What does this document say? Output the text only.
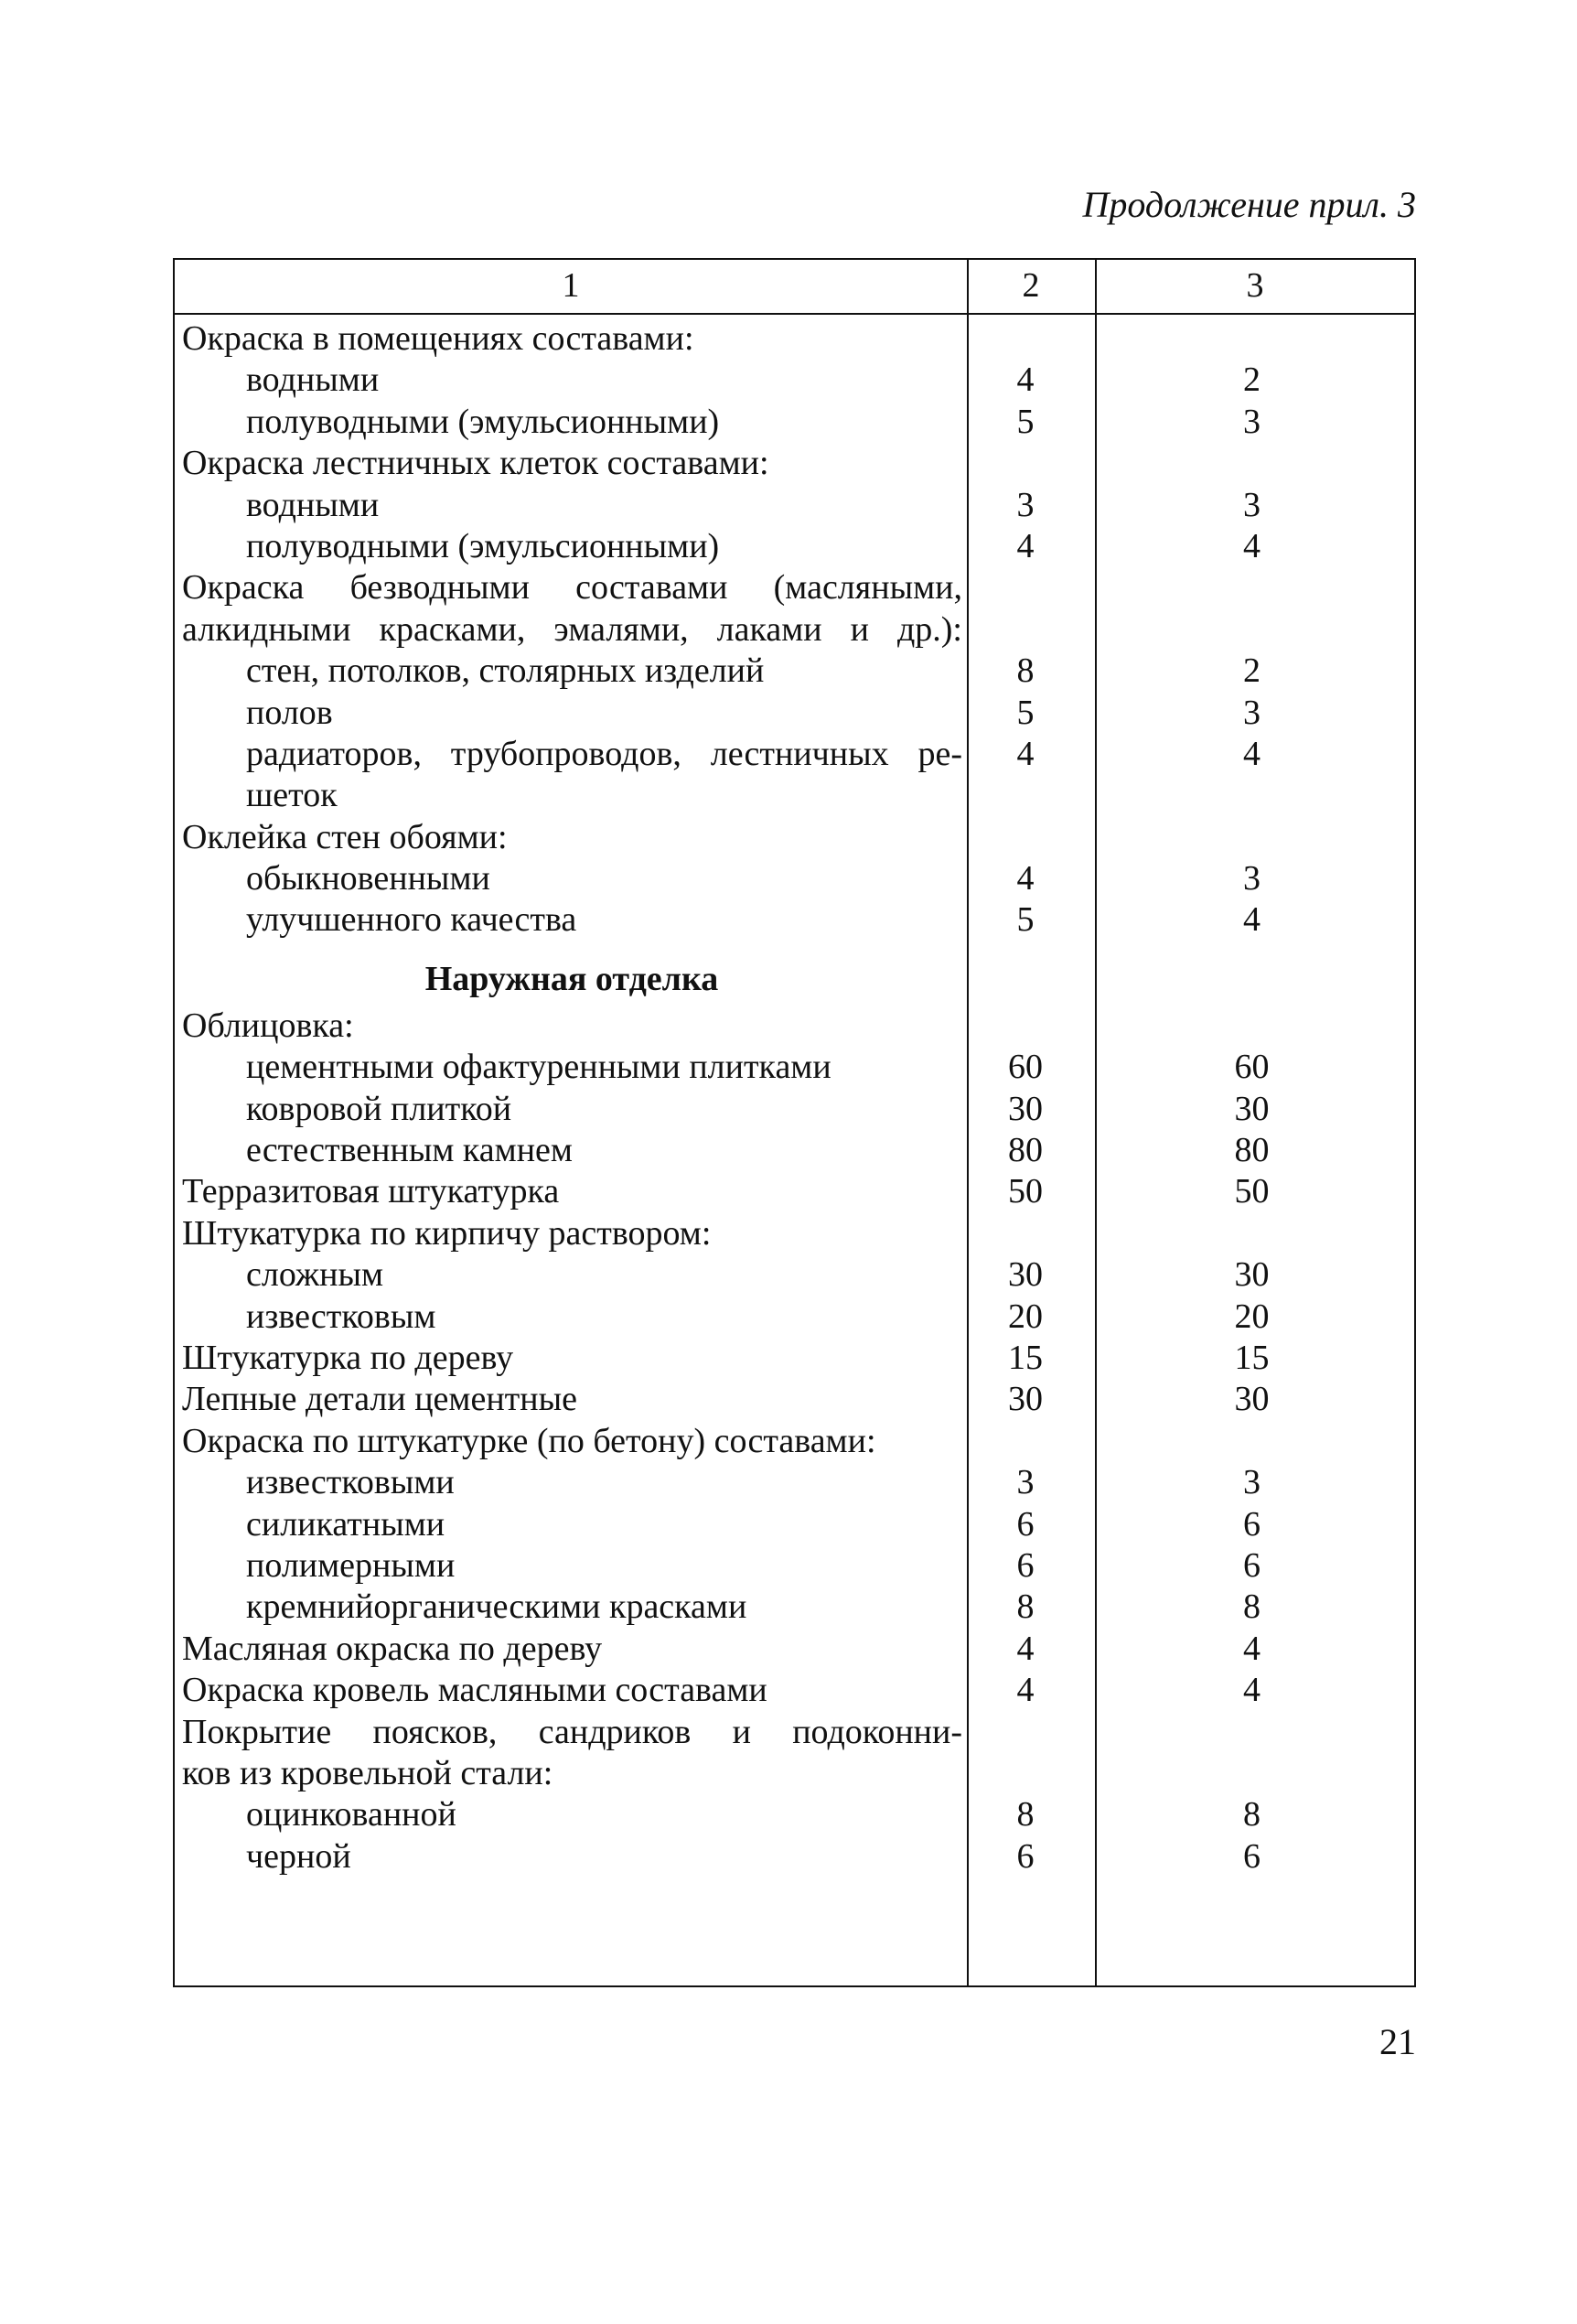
Продолжение прил. 3
1	2	3
Окраска в помещениях составами:
водными	4	2
полуводными (эмульсионными)	5	3
Окраска лестничных клеток составами:
водными	3	3
полуводными (эмульсионными)	4	4
Окраска безводными составами (масляными,
алкидными красками, эмалями, лаками и др.):
стен, потолков, столярных изделий	8	2
полов	5	3
радиаторов, трубопроводов, лестничных ре-	4	4
шеток
Оклейка стен обоями:
обыкновенными	4	3
улучшенного качества	5	4
Наружная отделка
Облицовка:
цементными офактуренными плитками	60	60
ковровой плиткой	30	30
естественным камнем	80	80
Терразитовая штукатурка	50	50
Штукатурка по кирпичу раствором:
сложным	30	30
известковым	20	20
Штукатурка по дереву	15	15
Лепные детали цементные	30	30
Окраска по штукатурке (по бетону) составами:
известковыми	3	3
силикатными	6	6
полимерными	6	6
кремнийорганическими красками	8	8
Масляная окраска по дереву	4	4
Окраска кровель масляными составами	4	4
Покрытие поясков, сандриков и подоконни-
ков из кровельной стали:
оцинкованной	8	8
черной	6	6
21
